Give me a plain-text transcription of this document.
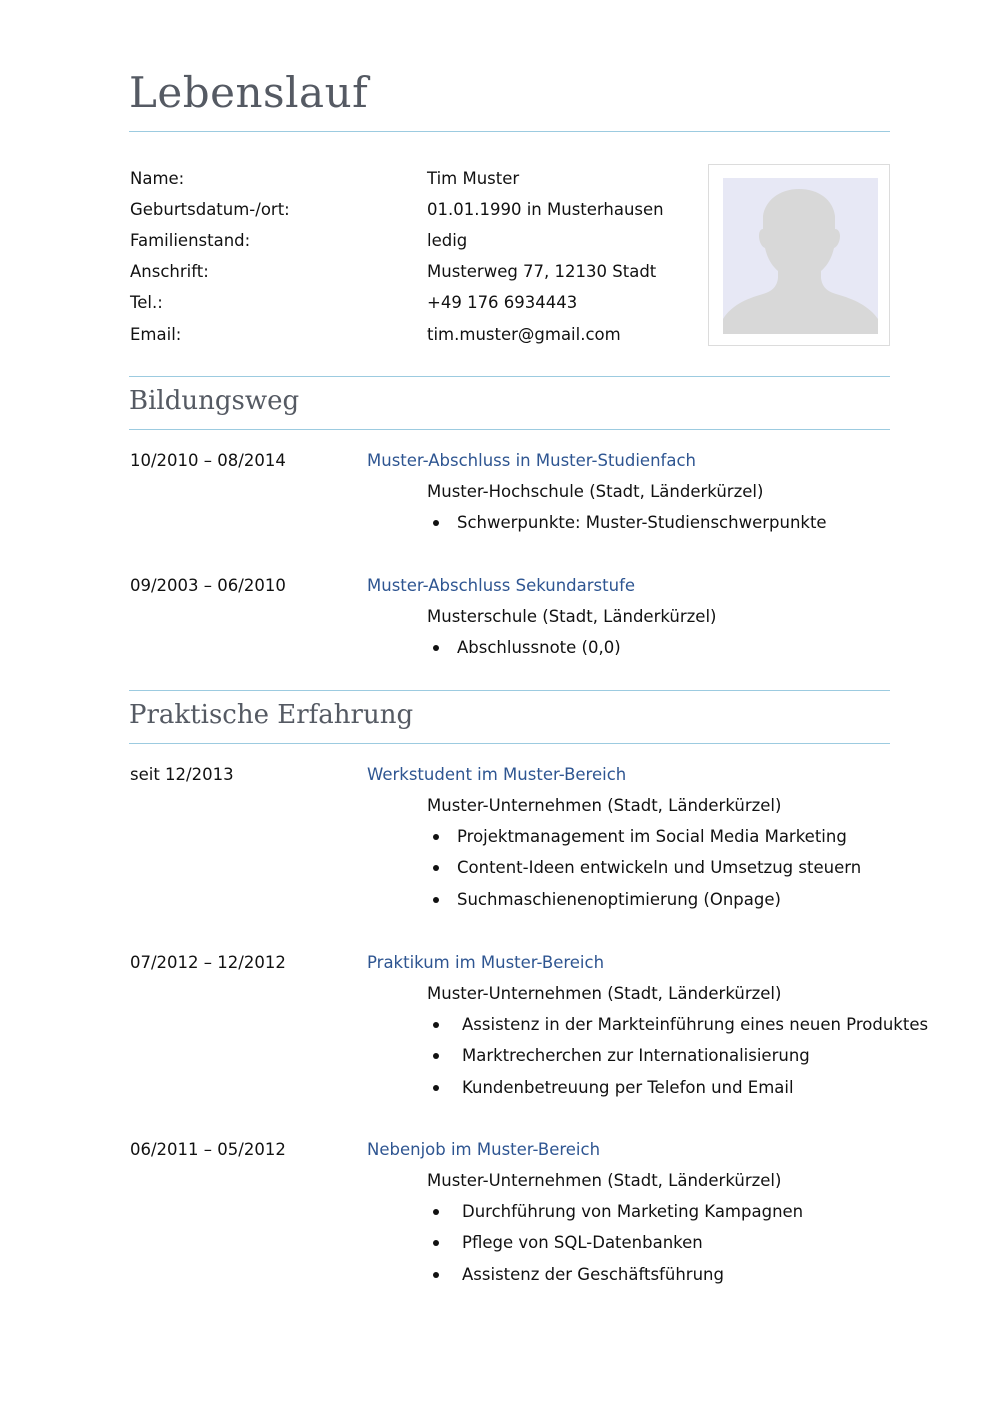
Lebenslauf
Name:	Tim Muster
Geburtsdatum-/ort:	01.01.1990 in Musterhausen
Familienstand:	ledig
Anschrift:	Musterweg 77, 12130 Stadt
Tel.:	+49 176 6934443
Email:	tim.muster@gmail.com
Bildungsweg
10/2010 – 08/2014	Muster-Abschluss in Muster-Studienfach
Muster-Hochschule (Stadt, Länderkürzel)
Schwerpunkte: Muster-Studienschwerpunkte
09/2003 – 06/2010	Muster-Abschluss Sekundarstufe
Musterschule (Stadt, Länderkürzel)
Abschlussnote (0,0)
Praktische Erfahrung
seit 12/2013	Werkstudent im Muster-Bereich
Muster-Unternehmen (Stadt, Länderkürzel)
Projektmanagement im Social Media Marketing
Content-Ideen entwickeln und Umsetzug steuern
Suchmaschienenoptimierung (Onpage)
07/2012 – 12/2012	Praktikum im Muster-Bereich
Muster-Unternehmen (Stadt, Länderkürzel)
Assistenz in der Markteinführung eines neuen Produktes
Marktrecherchen zur Internationalisierung
Kundenbetreuung per Telefon und Email
06/2011 – 05/2012	Nebenjob im Muster-Bereich
Muster-Unternehmen (Stadt, Länderkürzel)
Durchführung von Marketing Kampagnen
Pflege von SQL-Datenbanken
Assistenz der Geschäftsführung
